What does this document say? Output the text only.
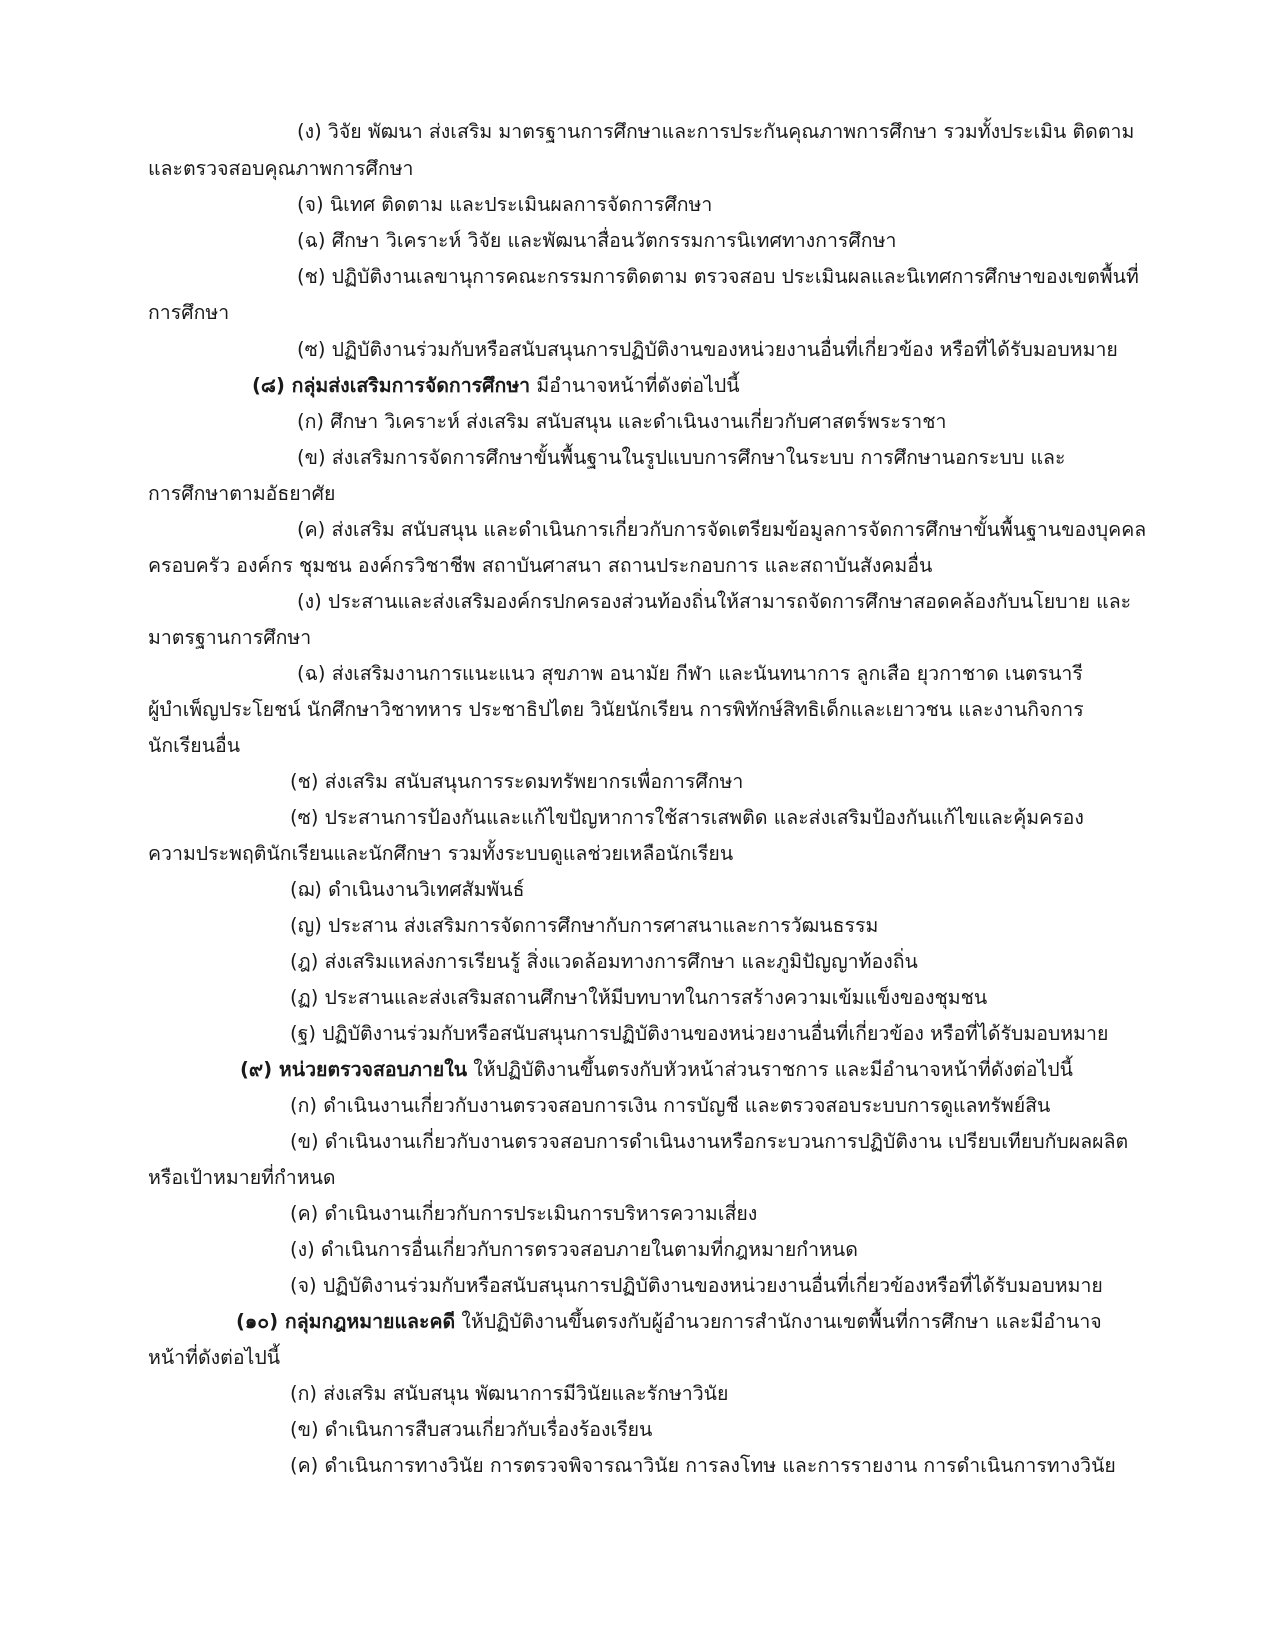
(ง) วิจัย พัฒนา ส่งเสริม มาตรฐานการศึกษาและการประกันคุณภาพการศึกษา รวมทั้งประเมิน ติดตาม
และตรวจสอบคุณภาพการศึกษา
(จ) นิเทศ ติดตาม และประเมินผลการจัดการศึกษา
(ฉ) ศึกษา วิเคราะห์ วิจัย และพัฒนาสื่อนวัตกรรมการนิเทศทางการศึกษา
(ช) ปฏิบัติงานเลขานุการคณะกรรมการติดตาม ตรวจสอบ ประเมินผลและนิเทศการศึกษาของเขตพื้นที่
การศึกษา
(ซ) ปฏิบัติงานร่วมกับหรือสนับสนุนการปฏิบัติงานของหน่วยงานอื่นที่เกี่ยวข้อง หรือที่ได้รับมอบหมาย
(๘) กลุ่มส่งเสริมการจัดการศึกษา มีอำนาจหน้าที่ดังต่อไปนี้
(ก) ศึกษา วิเคราะห์ ส่งเสริม สนับสนุน และดำเนินงานเกี่ยวกับศาสตร์พระราชา
(ข) ส่งเสริมการจัดการศึกษาขั้นพื้นฐานในรูปแบบการศึกษาในระบบ การศึกษานอกระบบ และ
การศึกษาตามอัธยาศัย
(ค) ส่งเสริม สนับสนุน และดำเนินการเกี่ยวกับการจัดเตรียมข้อมูลการจัดการศึกษาขั้นพื้นฐานของบุคคล
ครอบครัว องค์กร ชุมชน องค์กรวิชาชีพ สถาบันศาสนา สถานประกอบการ และสถาบันสังคมอื่น
(ง) ประสานและส่งเสริมองค์กรปกครองส่วนท้องถิ่นให้สามารถจัดการศึกษาสอดคล้องกับนโยบาย และ
มาตรฐานการศึกษา
(ฉ) ส่งเสริมงานการแนะแนว สุขภาพ อนามัย กีฬา และนันทนาการ ลูกเสือ ยุวกาชาด เนตรนารี
ผู้บำเพ็ญประโยชน์ นักศึกษาวิชาทหาร ประชาธิปไตย วินัยนักเรียน การพิทักษ์สิทธิเด็กและเยาวชน และงานกิจการ
นักเรียนอื่น
(ช) ส่งเสริม สนับสนุนการระดมทรัพยากรเพื่อการศึกษา
(ซ) ประสานการป้องกันและแก้ไขปัญหาการใช้สารเสพติด และส่งเสริมป้องกันแก้ไขและคุ้มครอง
ความประพฤตินักเรียนและนักศึกษา รวมทั้งระบบดูแลช่วยเหลือนักเรียน
(ฌ) ดำเนินงานวิเทศสัมพันธ์
(ญ) ประสาน ส่งเสริมการจัดการศึกษากับการศาสนาและการวัฒนธรรม
(ฎ) ส่งเสริมแหล่งการเรียนรู้ สิ่งแวดล้อมทางการศึกษา และภูมิปัญญาท้องถิ่น
(ฏ) ประสานและส่งเสริมสถานศึกษาให้มีบทบาทในการสร้างความเข้มแข็งของชุมชน
(ฐ) ปฏิบัติงานร่วมกับหรือสนับสนุนการปฏิบัติงานของหน่วยงานอื่นที่เกี่ยวข้อง หรือที่ได้รับมอบหมาย
(๙) หน่วยตรวจสอบภายใน ให้ปฏิบัติงานขึ้นตรงกับหัวหน้าส่วนราชการ และมีอำนาจหน้าที่ดังต่อไปนี้
(ก) ดำเนินงานเกี่ยวกับงานตรวจสอบการเงิน การบัญชี และตรวจสอบระบบการดูแลทรัพย์สิน
(ข) ดำเนินงานเกี่ยวกับงานตรวจสอบการดำเนินงานหรือกระบวนการปฏิบัติงาน เปรียบเทียบกับผลผลิต
หรือเป้าหมายที่กำหนด
(ค) ดำเนินงานเกี่ยวกับการประเมินการบริหารความเสี่ยง
(ง) ดำเนินการอื่นเกี่ยวกับการตรวจสอบภายในตามที่กฎหมายกำหนด
(จ) ปฏิบัติงานร่วมกับหรือสนับสนุนการปฏิบัติงานของหน่วยงานอื่นที่เกี่ยวข้องหรือที่ได้รับมอบหมาย
(๑๐) กลุ่มกฎหมายและคดี ให้ปฏิบัติงานขึ้นตรงกับผู้อำนวยการสำนักงานเขตพื้นที่การศึกษา และมีอำนาจ
หน้าที่ดังต่อไปนี้
(ก) ส่งเสริม สนับสนุน พัฒนาการมีวินัยและรักษาวินัย
(ข) ดำเนินการสืบสวนเกี่ยวกับเรื่องร้องเรียน
(ค) ดำเนินการทางวินัย การตรวจพิจารณาวินัย การลงโทษ และการรายงาน การดำเนินการทางวินัย
